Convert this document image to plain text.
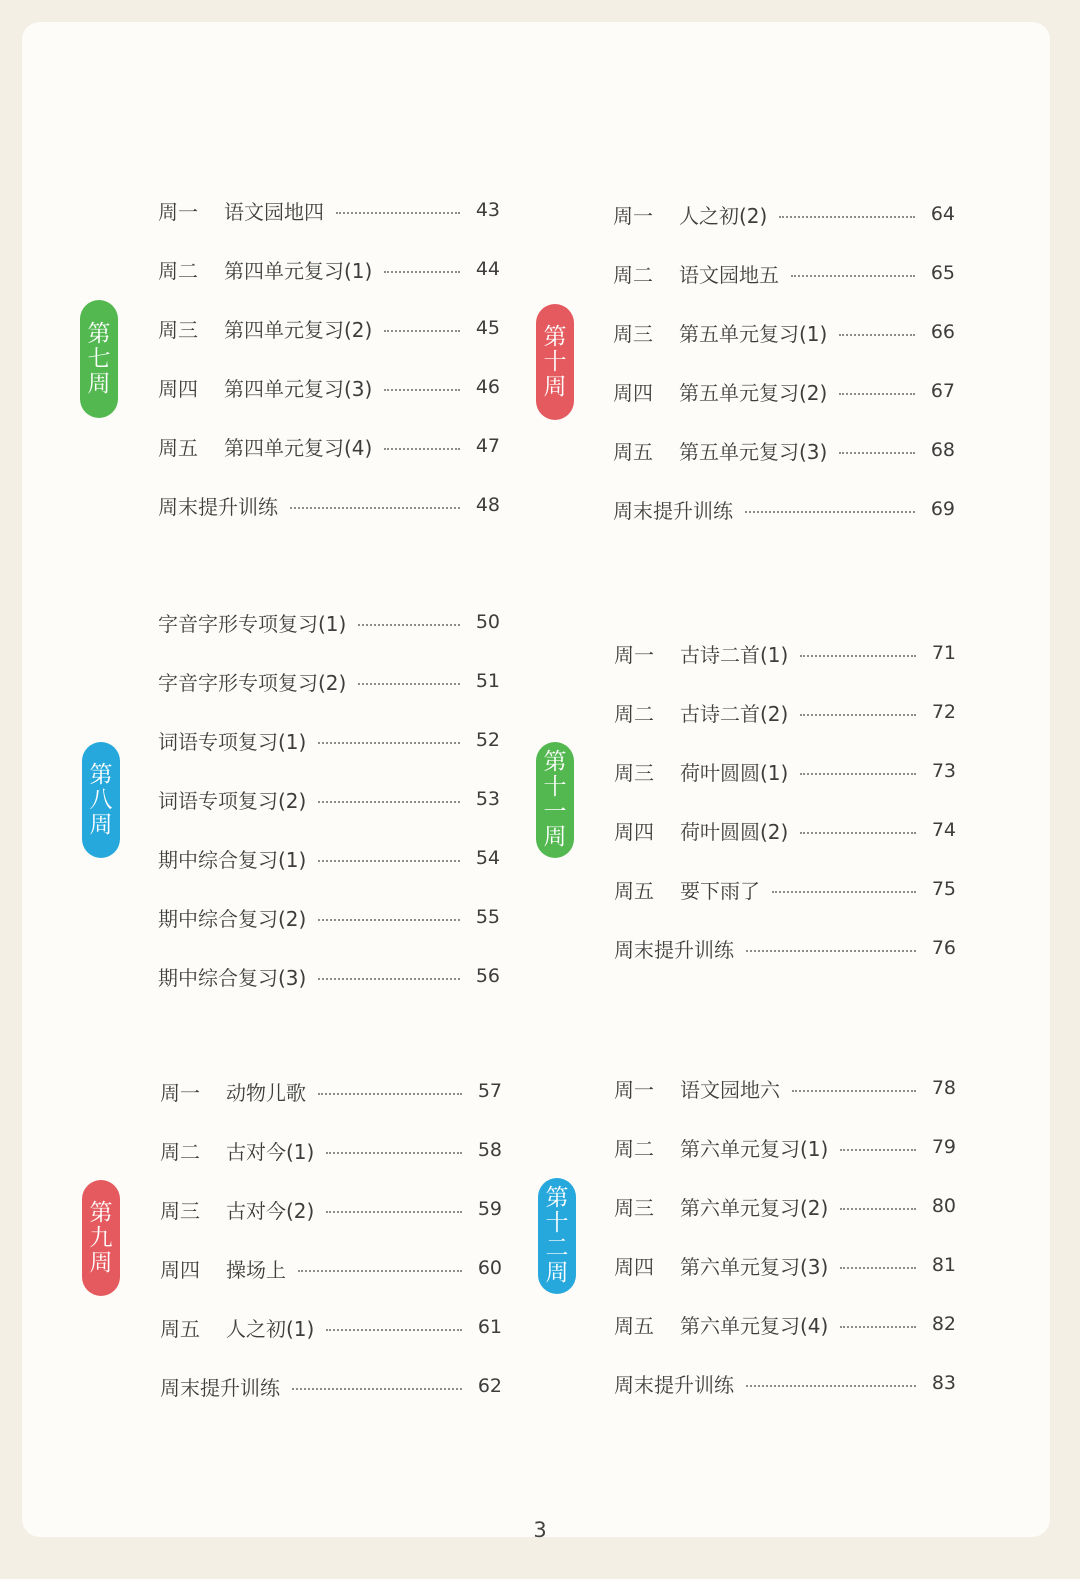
第
七
周
周一	语文园地四	43
周二	第四单元复习(1)	44
周三	第四单元复习(2)	45
周四	第四单元复习(3)	46
周五	第四单元复习(4)	47
周末提升训练	48
第
八
周
字音字形专项复习(1)	50
字音字形专项复习(2)	51
词语专项复习(1)	52
词语专项复习(2)	53
期中综合复习(1)	54
期中综合复习(2)	55
期中综合复习(3)	56
第
九
周
周一	动物儿歌	57
周二	古对今(1)	58
周三	古对今(2)	59
周四	操场上	60
周五	人之初(1)	61
周末提升训练	62
第
十
周
周一	人之初(2)	64
周二	语文园地五	65
周三	第五单元复习(1)	66
周四	第五单元复习(2)	67
周五	第五单元复习(3)	68
周末提升训练	69
第
十
一
周
周一	古诗二首(1)	71
周二	古诗二首(2)	72
周三	荷叶圆圆(1)	73
周四	荷叶圆圆(2)	74
周五	要下雨了	75
周末提升训练	76
第
十
二
周
周一	语文园地六	78
周二	第六单元复习(1)	79
周三	第六单元复习(2)	80
周四	第六单元复习(3)	81
周五	第六单元复习(4)	82
周末提升训练	83
3
